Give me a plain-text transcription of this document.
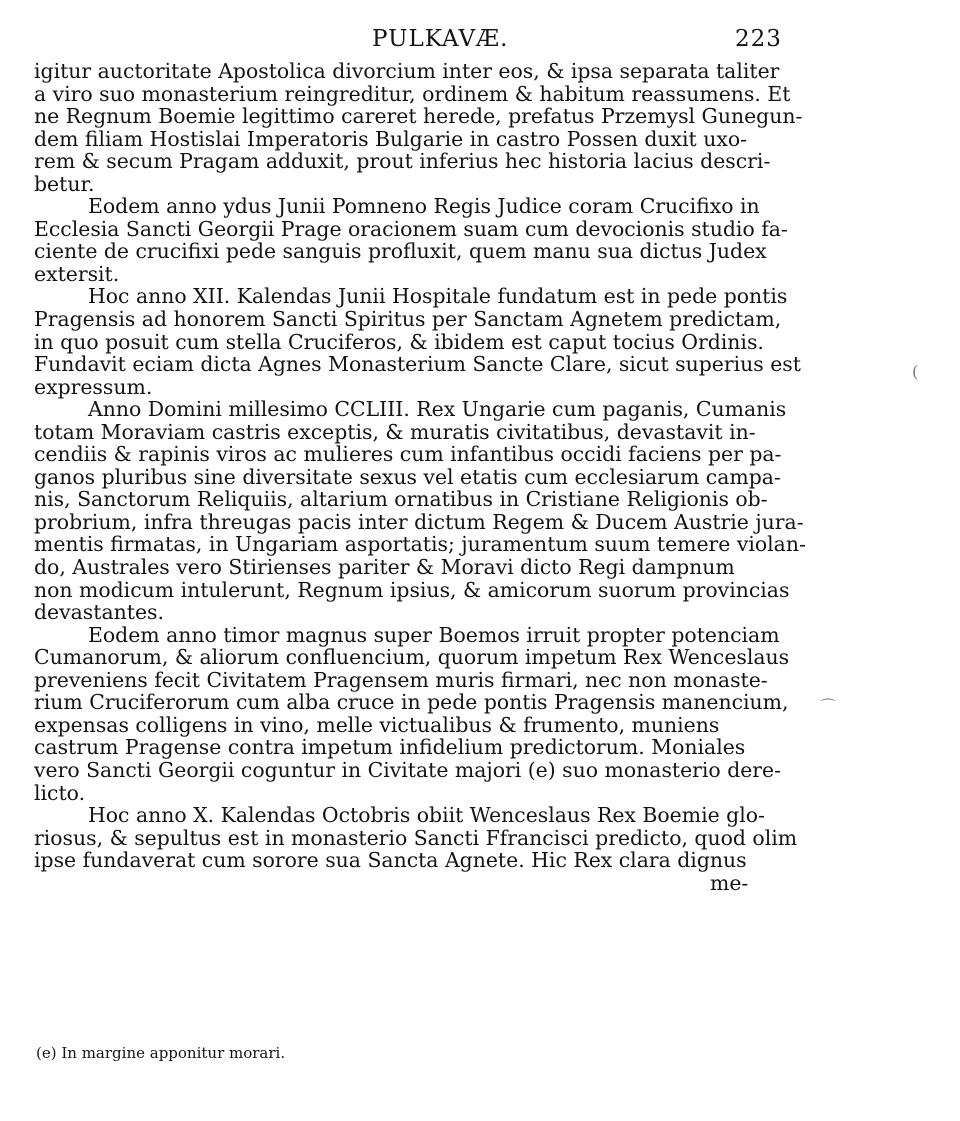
PULKAVÆ.	223
igitur auctoritate Apostolica divorcium inter eos, & ipsa separata taliter
a viro suo monasterium reingreditur, ordinem & habitum reassumens. Et
ne Regnum Boemie legittimo careret herede, prefatus Przemysl Gunegun-
dem filiam Hostislai Imperatoris Bulgarie in castro Possen duxit uxo-
rem & secum Pragam adduxit, prout inferius hec historia lacius descri-
betur.
Eodem anno ydus Junii Pomneno Regis Judice coram Crucifixo in
Ecclesia Sancti Georgii Prage oracionem suam cum devocionis studio fa-
ciente de crucifixi pede sanguis profluxit, quem manu sua dictus Judex
extersit.
Hoc anno XII. Kalendas Junii Hospitale fundatum est in pede pontis
Pragensis ad honorem Sancti Spiritus per Sanctam Agnetem predictam,
in quo posuit cum stella Cruciferos, & ibidem est caput tocius Ordinis.
Fundavit eciam dicta Agnes Monasterium Sancte Clare, sicut superius est
expressum.
Anno Domini millesimo CCLIII. Rex Ungarie cum paganis, Cumanis
totam Moraviam castris exceptis, & muratis civitatibus, devastavit in-
cendiis & rapinis viros ac mulieres cum infantibus occidi faciens per pa-
ganos pluribus sine diversitate sexus vel etatis cum ecclesiarum campa-
nis, Sanctorum Reliquiis, altarium ornatibus in Cristiane Religionis ob-
probrium, infra threugas pacis inter dictum Regem & Ducem Austrie jura-
mentis firmatas, in Ungariam asportatis; juramentum suum temere violan-
do, Australes vero Stirienses pariter & Moravi dicto Regi dampnum
non modicum intulerunt, Regnum ipsius, & amicorum suorum provincias
devastantes.
Eodem anno timor magnus super Boemos irruit propter potenciam
Cumanorum, & aliorum confluencium, quorum impetum Rex Wenceslaus
preveniens fecit Civitatem Pragensem muris firmari, nec non monaste-
rium Cruciferorum cum alba cruce in pede pontis Pragensis manencium,
expensas colligens in vino, melle victualibus & frumento, muniens
castrum Pragense contra impetum infidelium predictorum. Moniales
vero Sancti Georgii coguntur in Civitate majori (e) suo monasterio dere-
licto.
Hoc anno X. Kalendas Octobris obiit Wenceslaus Rex Boemie glo-
riosus, & sepultus est in monasterio Sancti Ffrancisci predicto, quod olim
ipse fundaverat cum sorore sua Sancta Agnete. Hic Rex clara dignus
me-
(
⌒
(e) In margine apponitur morari.
